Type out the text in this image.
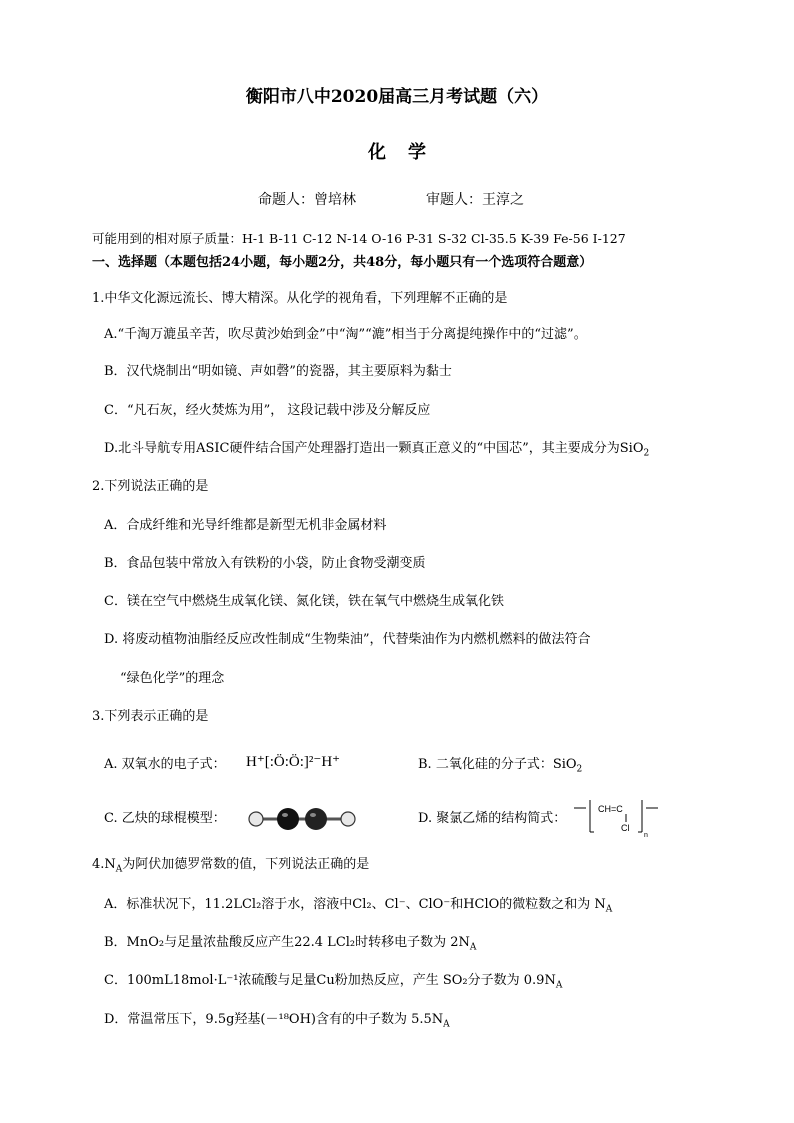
衡阳市八中2020届高三月考试题（六）
化学
命题人：曾培林	审题人：王淳之
可能用到的相对原子质量：H-1 B-11 C-12 N-14 O-16 P-31 S-32 Cl-35.5 K-39 Fe-56 I-127
一、选择题（本题包括24小题，每小题2分，共48分，每小题只有一个选项符合题意）
1.中华文化源远流长、博大精深。从化学的视角看，下列理解不正确的是
A.“千淘万漉虽辛苦，吹尽黄沙始到金”中“淘”“漉”相当于分离提纯操作中的“过滤”。
B．汉代烧制出“明如镜、声如磬”的瓷器，其主要原料为黏士
C．“凡石灰，经火焚炼为用”， 这段记载中涉及分解反应
D.北斗导航专用ASIC硬件结合国产处理器打造出一颗真正意义的“中国芯”，其主要成分为SiO$_2$
2.下列说法正确的是
A．合成纤维和光导纤维都是新型无机非金属材料
B．食品包装中常放入有铁粉的小袋，防止食物受潮变质
C．镁在空气中燃烧生成氧化镁、氮化镁，铁在氧气中燃烧生成氧化铁
D. 将废动植物油脂经反应改性制成“生物柴油”，代替柴油作为内燃机燃料的做法符合
“绿色化学”的理念
3.下列表示正确的是
A. 双氧水的电子式： H⁺[:Ö:Ö:]²⁻H⁺	B. 二氧化硅的分子式：SiO$_2$
C. 乙炔的球棍模型：	D. 聚氯乙烯的结构简式：
CH=C
Cl
n
$4.N_A$为阿伏加德罗常数的值，下列说法正确的是
A．标准状况下，11.2LCl₂溶于水，溶液中Cl₂、Cl⁻、ClO⁻和HClO的微粒数之和为 $N_A$
B．MnO₂与足量浓盐酸反应产生22.4 LCl₂时转移电子数为 $2N_A$
C．100mL18mol·L⁻¹浓硫酸与足量Cu粉加热反应，产生 SO₂分子数为 $0.9N_A$
D．常温常压下，9.5g羟基(－¹⁸OH)含有的中子数为 $5.5N_A$
